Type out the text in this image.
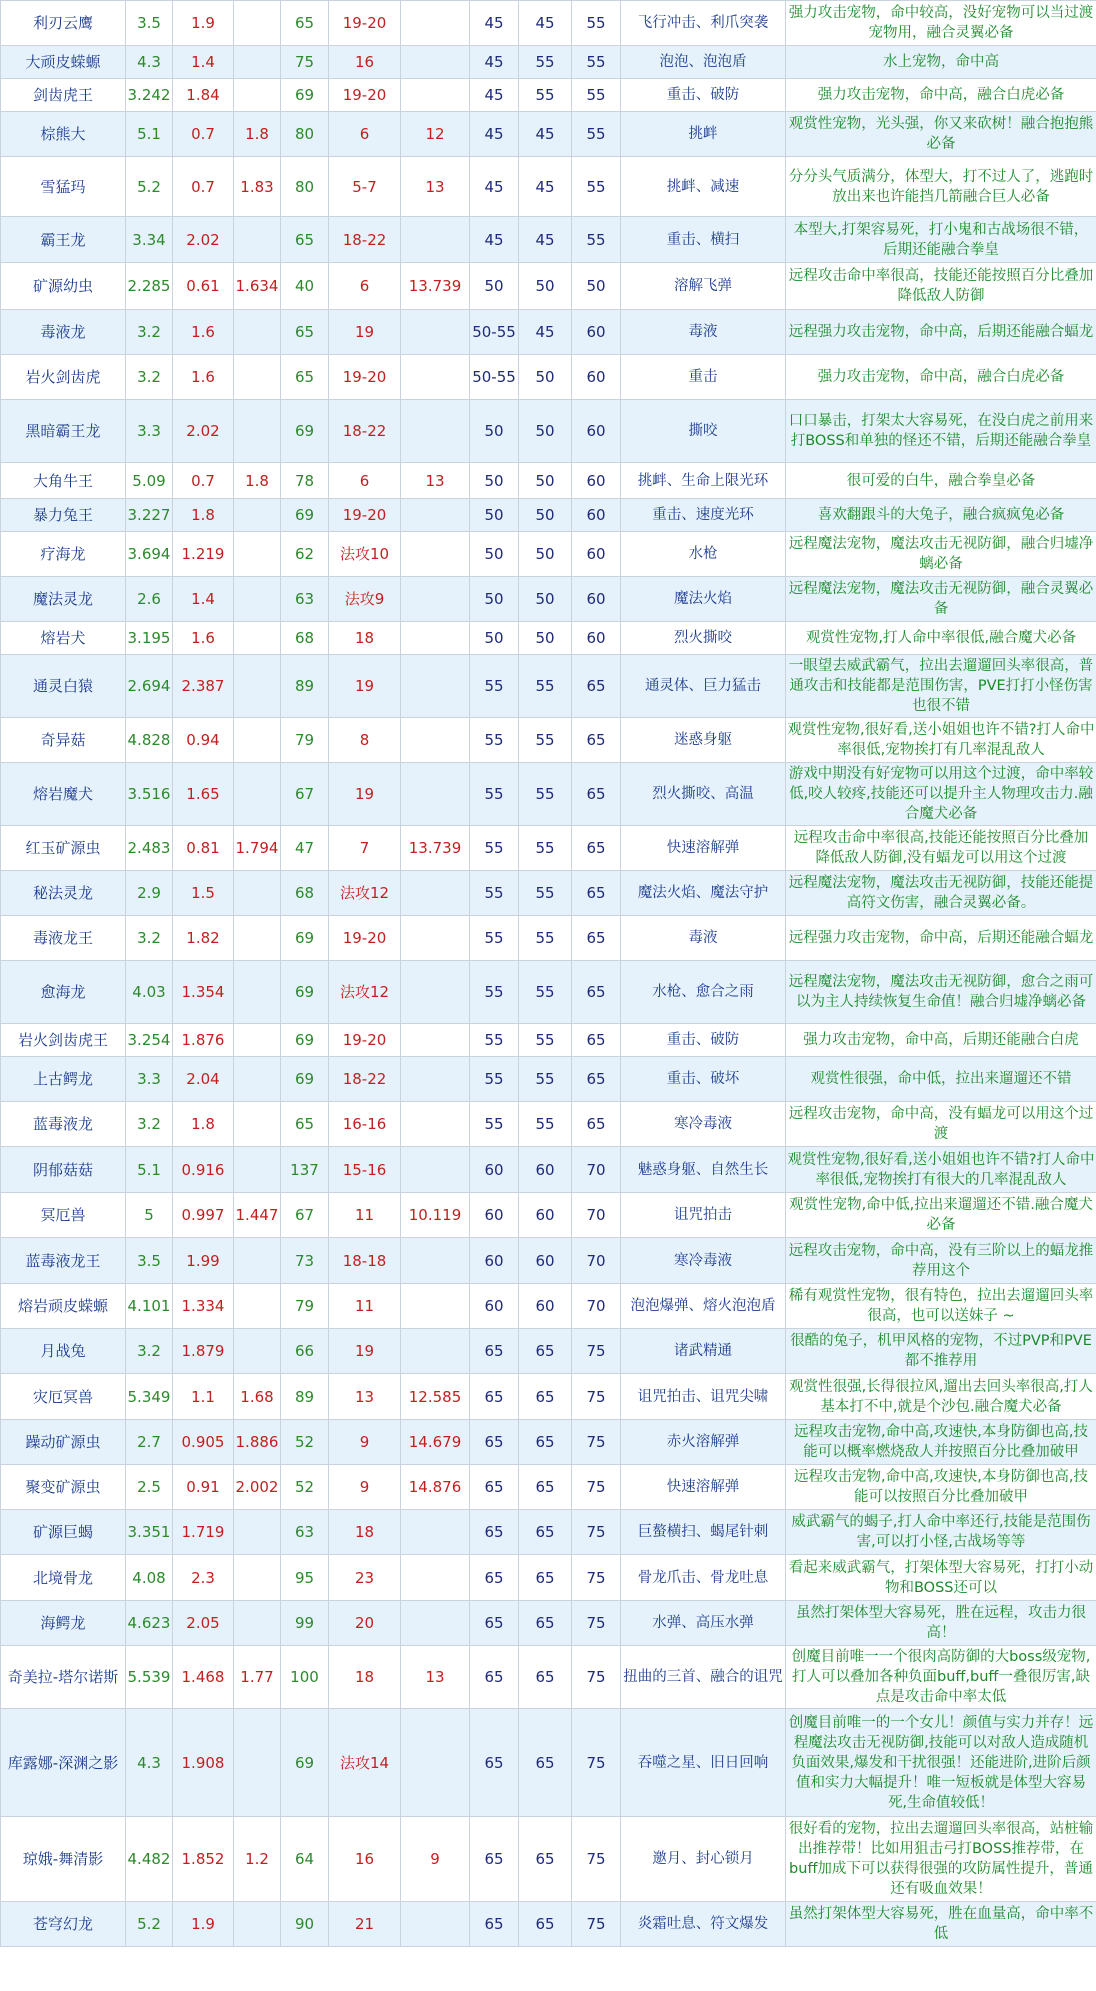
利刃云鹰	3.5	1.9		65	19-20		45	45	55	飞行冲击、利爪突袭	强力攻击宠物，命中较高，没好宠物可以当过渡宠物用，融合灵翼必备
大顽皮蝾螈	4.3	1.4		75	16		45	55	55	泡泡、泡泡盾	水上宠物，命中高
剑齿虎王	3.242	1.84		69	19-20		45	55	55	重击、破防	强力攻击宠物，命中高，融合白虎必备
棕熊大	5.1	0.7	1.8	80	6	12	45	45	55	挑衅	观赏性宠物，光头强，你又来砍树！融合抱抱熊必备
雪猛玛	5.2	0.7	1.83	80	5-7	13	45	45	55	挑衅、减速	分分头气质满分，体型大，打不过人了，逃跑时放出来也许能挡几箭融合巨人必备
霸王龙	3.34	2.02		65	18-22		45	45	55	重击、横扫	本型大,打架容易死，打小鬼和古战场很不错，后期还能融合拳皇
矿源幼虫	2.285	0.61	1.634	40	6	13.739	50	50	50	溶解飞弹	远程攻击命中率很高，技能还能按照百分比叠加降低敌人防御
毒液龙	3.2	1.6		65	19		50-55	45	60	毒液	远程强力攻击宠物，命中高，后期还能融合蝠龙
岩火剑齿虎	3.2	1.6		65	19-20		50-55	50	60	重击	强力攻击宠物，命中高，融合白虎必备
黑暗霸王龙	3.3	2.02		69	18-22		50	50	60	撕咬	口口暴击，打架太大容易死，在没白虎之前用来打BOSS和单独的怪还不错，后期还能融合拳皇
大角牛王	5.09	0.7	1.8	78	6	13	50	50	60	挑衅、生命上限光环	很可爱的白牛，融合拳皇必备
暴力兔王	3.227	1.8		69	19-20		50	50	60	重击、速度光环	喜欢翻跟斗的大兔子，融合疯疯兔必备
疗海龙	3.694	1.219		62	法攻10		50	50	60	水枪	远程魔法宠物，魔法攻击无视防御，融合归墟净螭必备
魔法灵龙	2.6	1.4		63	法攻9		50	50	60	魔法火焰	远程魔法宠物，魔法攻击无视防御，融合灵翼必备
熔岩犬	3.195	1.6		68	18		50	50	60	烈火撕咬	观赏性宠物,打人命中率很低,融合魔犬必备
通灵白猿	2.694	2.387		89	19		55	55	65	通灵体、巨力猛击	一眼望去威武霸气，拉出去遛遛回头率很高，普通攻击和技能都是范围伤害，PVE打打小怪伤害也很不错
奇异菇	4.828	0.94		79	8		55	55	65	迷惑身躯	观赏性宠物,很好看,送小姐姐也许不错?打人命中率很低,宠物挨打有几率混乱敌人
熔岩魔犬	3.516	1.65		67	19		55	55	65	烈火撕咬、高温	游戏中期没有好宠物可以用这个过渡，命中率较低,咬人较疼,技能还可以提升主人物理攻击力.融合魔犬必备
红玉矿源虫	2.483	0.81	1.794	47	7	13.739	55	55	65	快速溶解弹	远程攻击命中率很高,技能还能按照百分比叠加降低敌人防御,没有蝠龙可以用这个过渡
秘法灵龙	2.9	1.5		68	法攻12		55	55	65	魔法火焰、魔法守护	远程魔法宠物，魔法攻击无视防御，技能还能提高符文伤害，融合灵翼必备。
毒液龙王	3.2	1.82		69	19-20		55	55	65	毒液	远程强力攻击宠物，命中高，后期还能融合蝠龙
愈海龙	4.03	1.354		69	法攻12		55	55	65	水枪、愈合之雨	远程魔法宠物，魔法攻击无视防御，愈合之雨可以为主人持续恢复生命值！融合归墟净螭必备
岩火剑齿虎王	3.254	1.876		69	19-20		55	55	65	重击、破防	强力攻击宠物，命中高，后期还能融合白虎
上古鳄龙	3.3	2.04		69	18-22		55	55	65	重击、破坏	观赏性很强，命中低，拉出来遛遛还不错
蓝毒液龙	3.2	1.8		65	16-16		55	55	65	寒冷毒液	远程攻击宠物，命中高，没有蝠龙可以用这个过渡
阴郁菇菇	5.1	0.916		137	15-16		60	60	70	魅惑身躯、自然生长	观赏性宠物,很好看,送小姐姐也许不错?打人命中率很低,宠物挨打有很大的几率混乱敌人
冥厄兽	5	0.997	1.447	67	11	10.119	60	60	70	诅咒拍击	观赏性宠物,命中低,拉出来遛遛还不错.融合魔犬必备
蓝毒液龙王	3.5	1.99		73	18-18		60	60	70	寒冷毒液	远程攻击宠物，命中高，没有三阶以上的蝠龙推荐用这个
熔岩顽皮蝾螈	4.101	1.334		79	11		60	60	70	泡泡爆弹、熔火泡泡盾	稀有观赏性宠物，很有特色，拉出去遛遛回头率很高，也可以送妹子 ~
月战兔	3.2	1.879		66	19		65	65	75	诸武精通	很酷的兔子，机甲风格的宠物，不过PVP和PVE都不推荐用
灾厄冥兽	5.349	1.1	1.68	89	13	12.585	65	65	75	诅咒拍击、诅咒尖啸	观赏性很强,长得很拉风,遛出去回头率很高,打人基本打不中,就是个沙包.融合魔犬必备
躁动矿源虫	2.7	0.905	1.886	52	9	14.679	65	65	75	赤火溶解弹	远程攻击宠物,命中高,攻速快,本身防御也高,技能可以概率燃烧敌人并按照百分比叠加破甲
聚变矿源虫	2.5	0.91	2.002	52	9	14.876	65	65	75	快速溶解弹	远程攻击宠物,命中高,攻速快,本身防御也高,技能可以按照百分比叠加破甲
矿源巨蝎	3.351	1.719		63	18		65	65	75	巨螯横扫、蝎尾针刺	威武霸气的蝎子,打人命中率还行,技能是范围伤害,可以打小怪,古战场等等
北境骨龙	4.08	2.3		95	23		65	65	75	骨龙爪击、骨龙吐息	看起来威武霸气，打架体型大容易死，打打小动物和BOSS还可以
海鳄龙	4.623	2.05		99	20		65	65	75	水弹、高压水弹	虽然打架体型大容易死，胜在远程，攻击力很高！
奇美拉-塔尔诺斯	5.539	1.468	1.77	100	18	13	65	65	75	扭曲的三首、融合的诅咒	创魔目前唯一一个很肉高防御的大boss级宠物,打人可以叠加各种负面buff,buff一叠很厉害,缺点是攻击命中率太低
库露娜-深渊之影	4.3	1.908		69	法攻14		65	65	75	吞噬之星、旧日回响	创魔目前唯一的一个女儿！颜值与实力并存！远程魔法攻击无视防御,技能可以对敌人造成随机负面效果,爆发和干扰很强！还能进阶,进阶后颜值和实力大幅提升！唯一短板就是体型大容易死,生命值较低！
琼娥-舞清影	4.482	1.852	1.2	64	16	9	65	65	75	邀月、封心锁月	很好看的宠物，拉出去遛遛回头率很高，站桩输出推荐带！比如用狙击弓打BOSS推荐带，在buff加成下可以获得很强的攻防属性提升，普通还有吸血效果！
苍穹幻龙	5.2	1.9		90	21		65	65	75	炎霜吐息、符文爆发	虽然打架体型大容易死，胜在血量高，命中率不低
